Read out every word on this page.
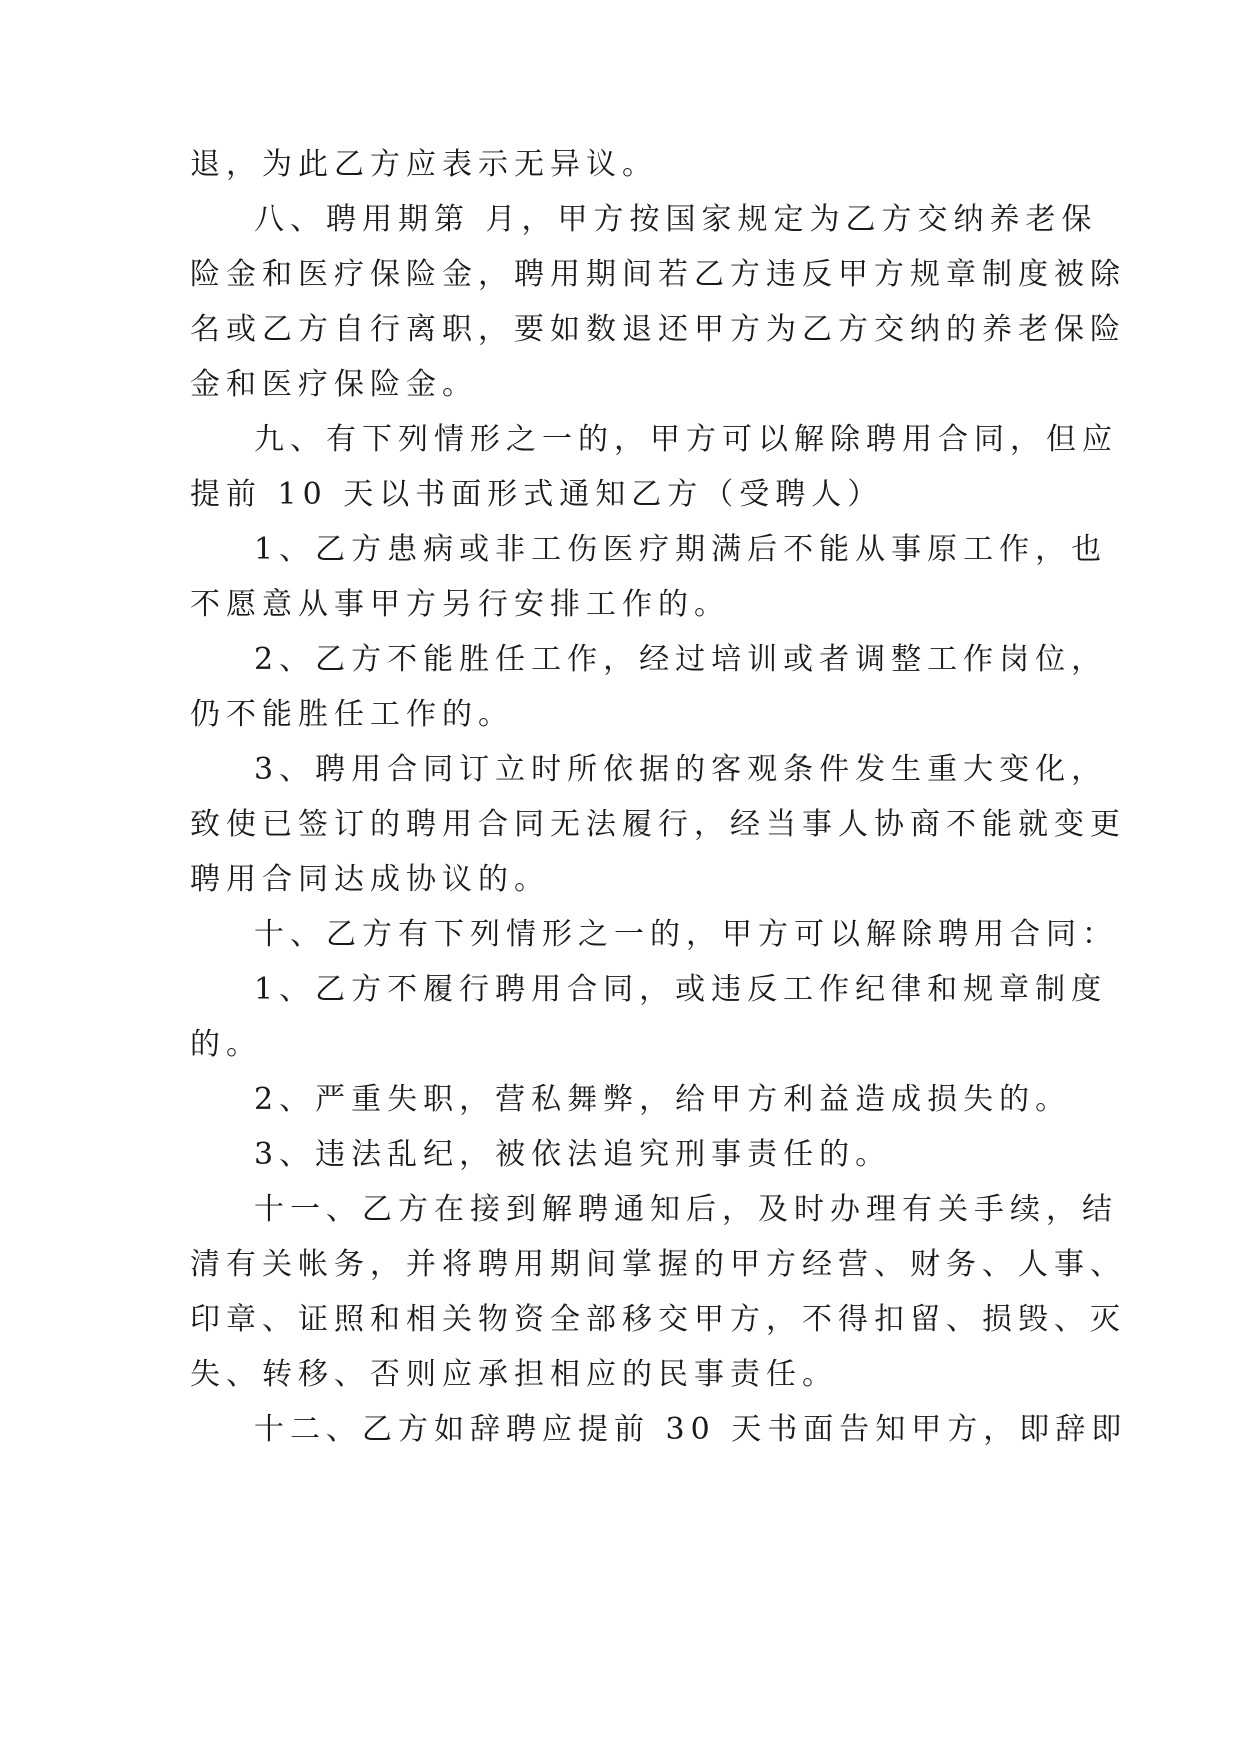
退，为此乙方应表示无异议。
八、聘用期第 月，甲方按国家规定为乙方交纳养老保
险金和医疗保险金，聘用期间若乙方违反甲方规章制度被除
名或乙方自行离职，要如数退还甲方为乙方交纳的养老保险
金和医疗保险金。
九、有下列情形之一的，甲方可以解除聘用合同，但应
提前 10 天以书面形式通知乙方（受聘人）
1、乙方患病或非工伤医疗期满后不能从事原工作，也
不愿意从事甲方另行安排工作的。
2、乙方不能胜任工作，经过培训或者调整工作岗位，
仍不能胜任工作的。
3、聘用合同订立时所依据的客观条件发生重大变化，
致使已签订的聘用合同无法履行，经当事人协商不能就变更
聘用合同达成协议的。
十、乙方有下列情形之一的，甲方可以解除聘用合同：
1、乙方不履行聘用合同，或违反工作纪律和规章制度
的。
2、严重失职，营私舞弊，给甲方利益造成损失的。
3、违法乱纪，被依法追究刑事责任的。
十一、乙方在接到解聘通知后，及时办理有关手续，结
清有关帐务，并将聘用期间掌握的甲方经营、财务、人事、
印章、证照和相关物资全部移交甲方，不得扣留、损毁、灭
失、转移、否则应承担相应的民事责任。
十二、乙方如辞聘应提前 30 天书面告知甲方，即辞即
